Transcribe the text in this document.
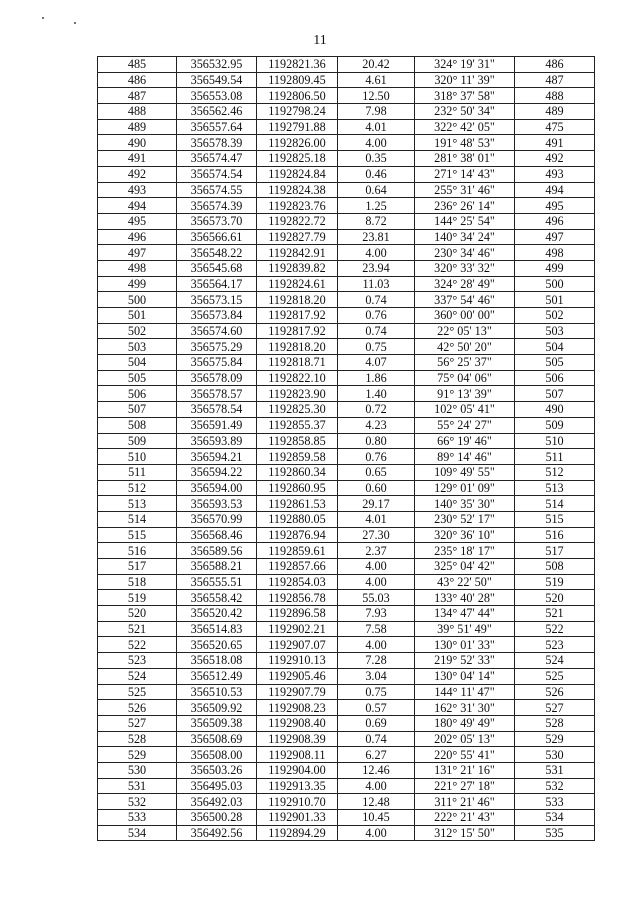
11
485	356532.95	1192821.36	20.42	324° 19' 31"	486
486	356549.54	1192809.45	4.61	320° 11' 39"	487
487	356553.08	1192806.50	12.50	318° 37' 58"	488
488	356562.46	1192798.24	7.98	232° 50' 34"	489
489	356557.64	1192791.88	4.01	322° 42' 05"	475
490	356578.39	1192826.00	4.00	191° 48' 53"	491
491	356574.47	1192825.18	0.35	281° 38' 01"	492
492	356574.54	1192824.84	0.46	271° 14' 43"	493
493	356574.55	1192824.38	0.64	255° 31' 46"	494
494	356574.39	1192823.76	1.25	236° 26' 14"	495
495	356573.70	1192822.72	8.72	144° 25' 54"	496
496	356566.61	1192827.79	23.81	140° 34' 24"	497
497	356548.22	1192842.91	4.00	230° 34' 46"	498
498	356545.68	1192839.82	23.94	320° 33' 32"	499
499	356564.17	1192824.61	11.03	324° 28' 49"	500
500	356573.15	1192818.20	0.74	337° 54' 46"	501
501	356573.84	1192817.92	0.76	360° 00' 00"	502
502	356574.60	1192817.92	0.74	22° 05' 13"	503
503	356575.29	1192818.20	0.75	42° 50' 20"	504
504	356575.84	1192818.71	4.07	56° 25' 37"	505
505	356578.09	1192822.10	1.86	75° 04' 06"	506
506	356578.57	1192823.90	1.40	91° 13' 39"	507
507	356578.54	1192825.30	0.72	102° 05' 41"	490
508	356591.49	1192855.37	4.23	55° 24' 27"	509
509	356593.89	1192858.85	0.80	66° 19' 46"	510
510	356594.21	1192859.58	0.76	89° 14' 46"	511
511	356594.22	1192860.34	0.65	109° 49' 55"	512
512	356594.00	1192860.95	0.60	129° 01' 09"	513
513	356593.53	1192861.53	29.17	140° 35' 30"	514
514	356570.99	1192880.05	4.01	230° 52' 17"	515
515	356568.46	1192876.94	27.30	320° 36' 10"	516
516	356589.56	1192859.61	2.37	235° 18' 17"	517
517	356588.21	1192857.66	4.00	325° 04' 42"	508
518	356555.51	1192854.03	4.00	43° 22' 50"	519
519	356558.42	1192856.78	55.03	133° 40' 28"	520
520	356520.42	1192896.58	7.93	134° 47' 44"	521
521	356514.83	1192902.21	7.58	39° 51' 49"	522
522	356520.65	1192907.07	4.00	130° 01' 33"	523
523	356518.08	1192910.13	7.28	219° 52' 33"	524
524	356512.49	1192905.46	3.04	130° 04' 14"	525
525	356510.53	1192907.79	0.75	144° 11' 47"	526
526	356509.92	1192908.23	0.57	162° 31' 30"	527
527	356509.38	1192908.40	0.69	180° 49' 49"	528
528	356508.69	1192908.39	0.74	202° 05' 13"	529
529	356508.00	1192908.11	6.27	220° 55' 41"	530
530	356503.26	1192904.00	12.46	131° 21' 16"	531
531	356495.03	1192913.35	4.00	221° 27' 18"	532
532	356492.03	1192910.70	12.48	311° 21' 46"	533
533	356500.28	1192901.33	10.45	222° 21' 43"	534
534	356492.56	1192894.29	4.00	312° 15' 50"	535
